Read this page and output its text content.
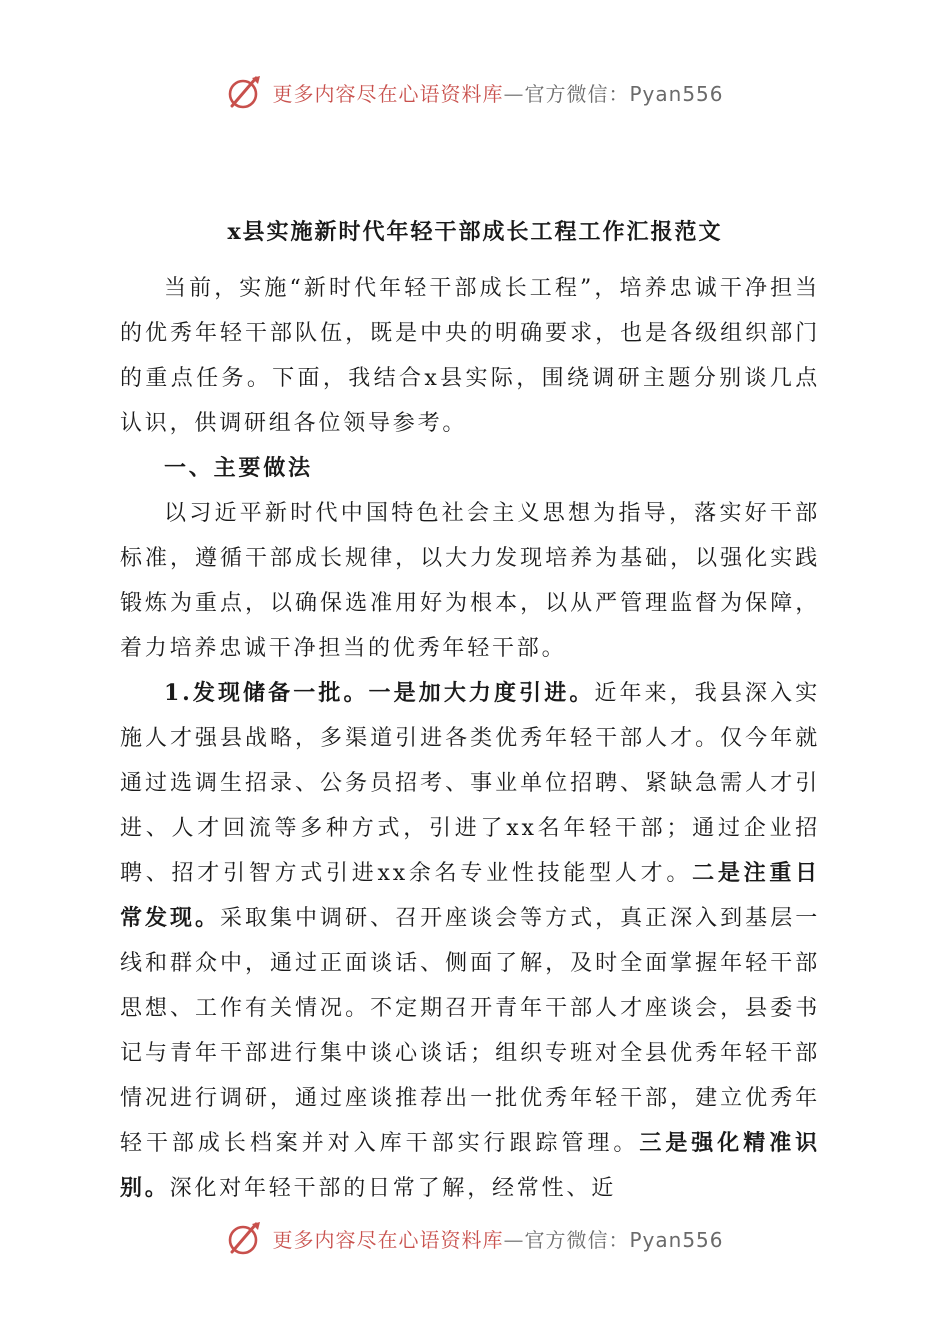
更多内容尽在心语资料库—官方微信：Pyan556
x县实施新时代年轻干部成长工程工作汇报范文

当前，实施“新时代年轻干部成长工程”，培养忠诚干净担当的优秀年轻干部队伍，既是中央的明确要求，也是各级组织部门的重点任务。下面，我结合x县实际，围绕调研主题分别谈几点认识，供调研组各位领导参考。

一、主要做法

以习近平新时代中国特色社会主义思想为指导，落实好干部标准，遵循干部成长规律，以大力发现培养为基础，以强化实践锻炼为重点，以确保选准用好为根本，以从严管理监督为保障，着力培养忠诚干净担当的优秀年轻干部。

1.发现储备一批。一是加大力度引进。近年来，我县深入实施人才强县战略，多渠道引进各类优秀年轻干部人才。仅今年就通过选调生招录、公务员招考、事业单位招聘、紧缺急需人才引进、人才回流等多种方式，引进了xx名年轻干部；通过企业招聘、招才引智方式引进xx余名专业性技能型人才。二是注重日常发现。采取集中调研、召开座谈会等方式，真正深入到基层一线和群众中，通过正面谈话、侧面了解，及时全面掌握年轻干部思想、工作有关情况。不定期召开青年干部人才座谈会，县委书记与青年干部进行集中谈心谈话；组织专班对全县优秀年轻干部情况进行调研，通过座谈推荐出一批优秀年轻干部，建立优秀年轻干部成长档案并对入库干部实行跟踪管理。三是强化精准识别。深化对年轻干部的日常了解，经常性、近

更多内容尽在心语资料库—官方微信：Pyan556
